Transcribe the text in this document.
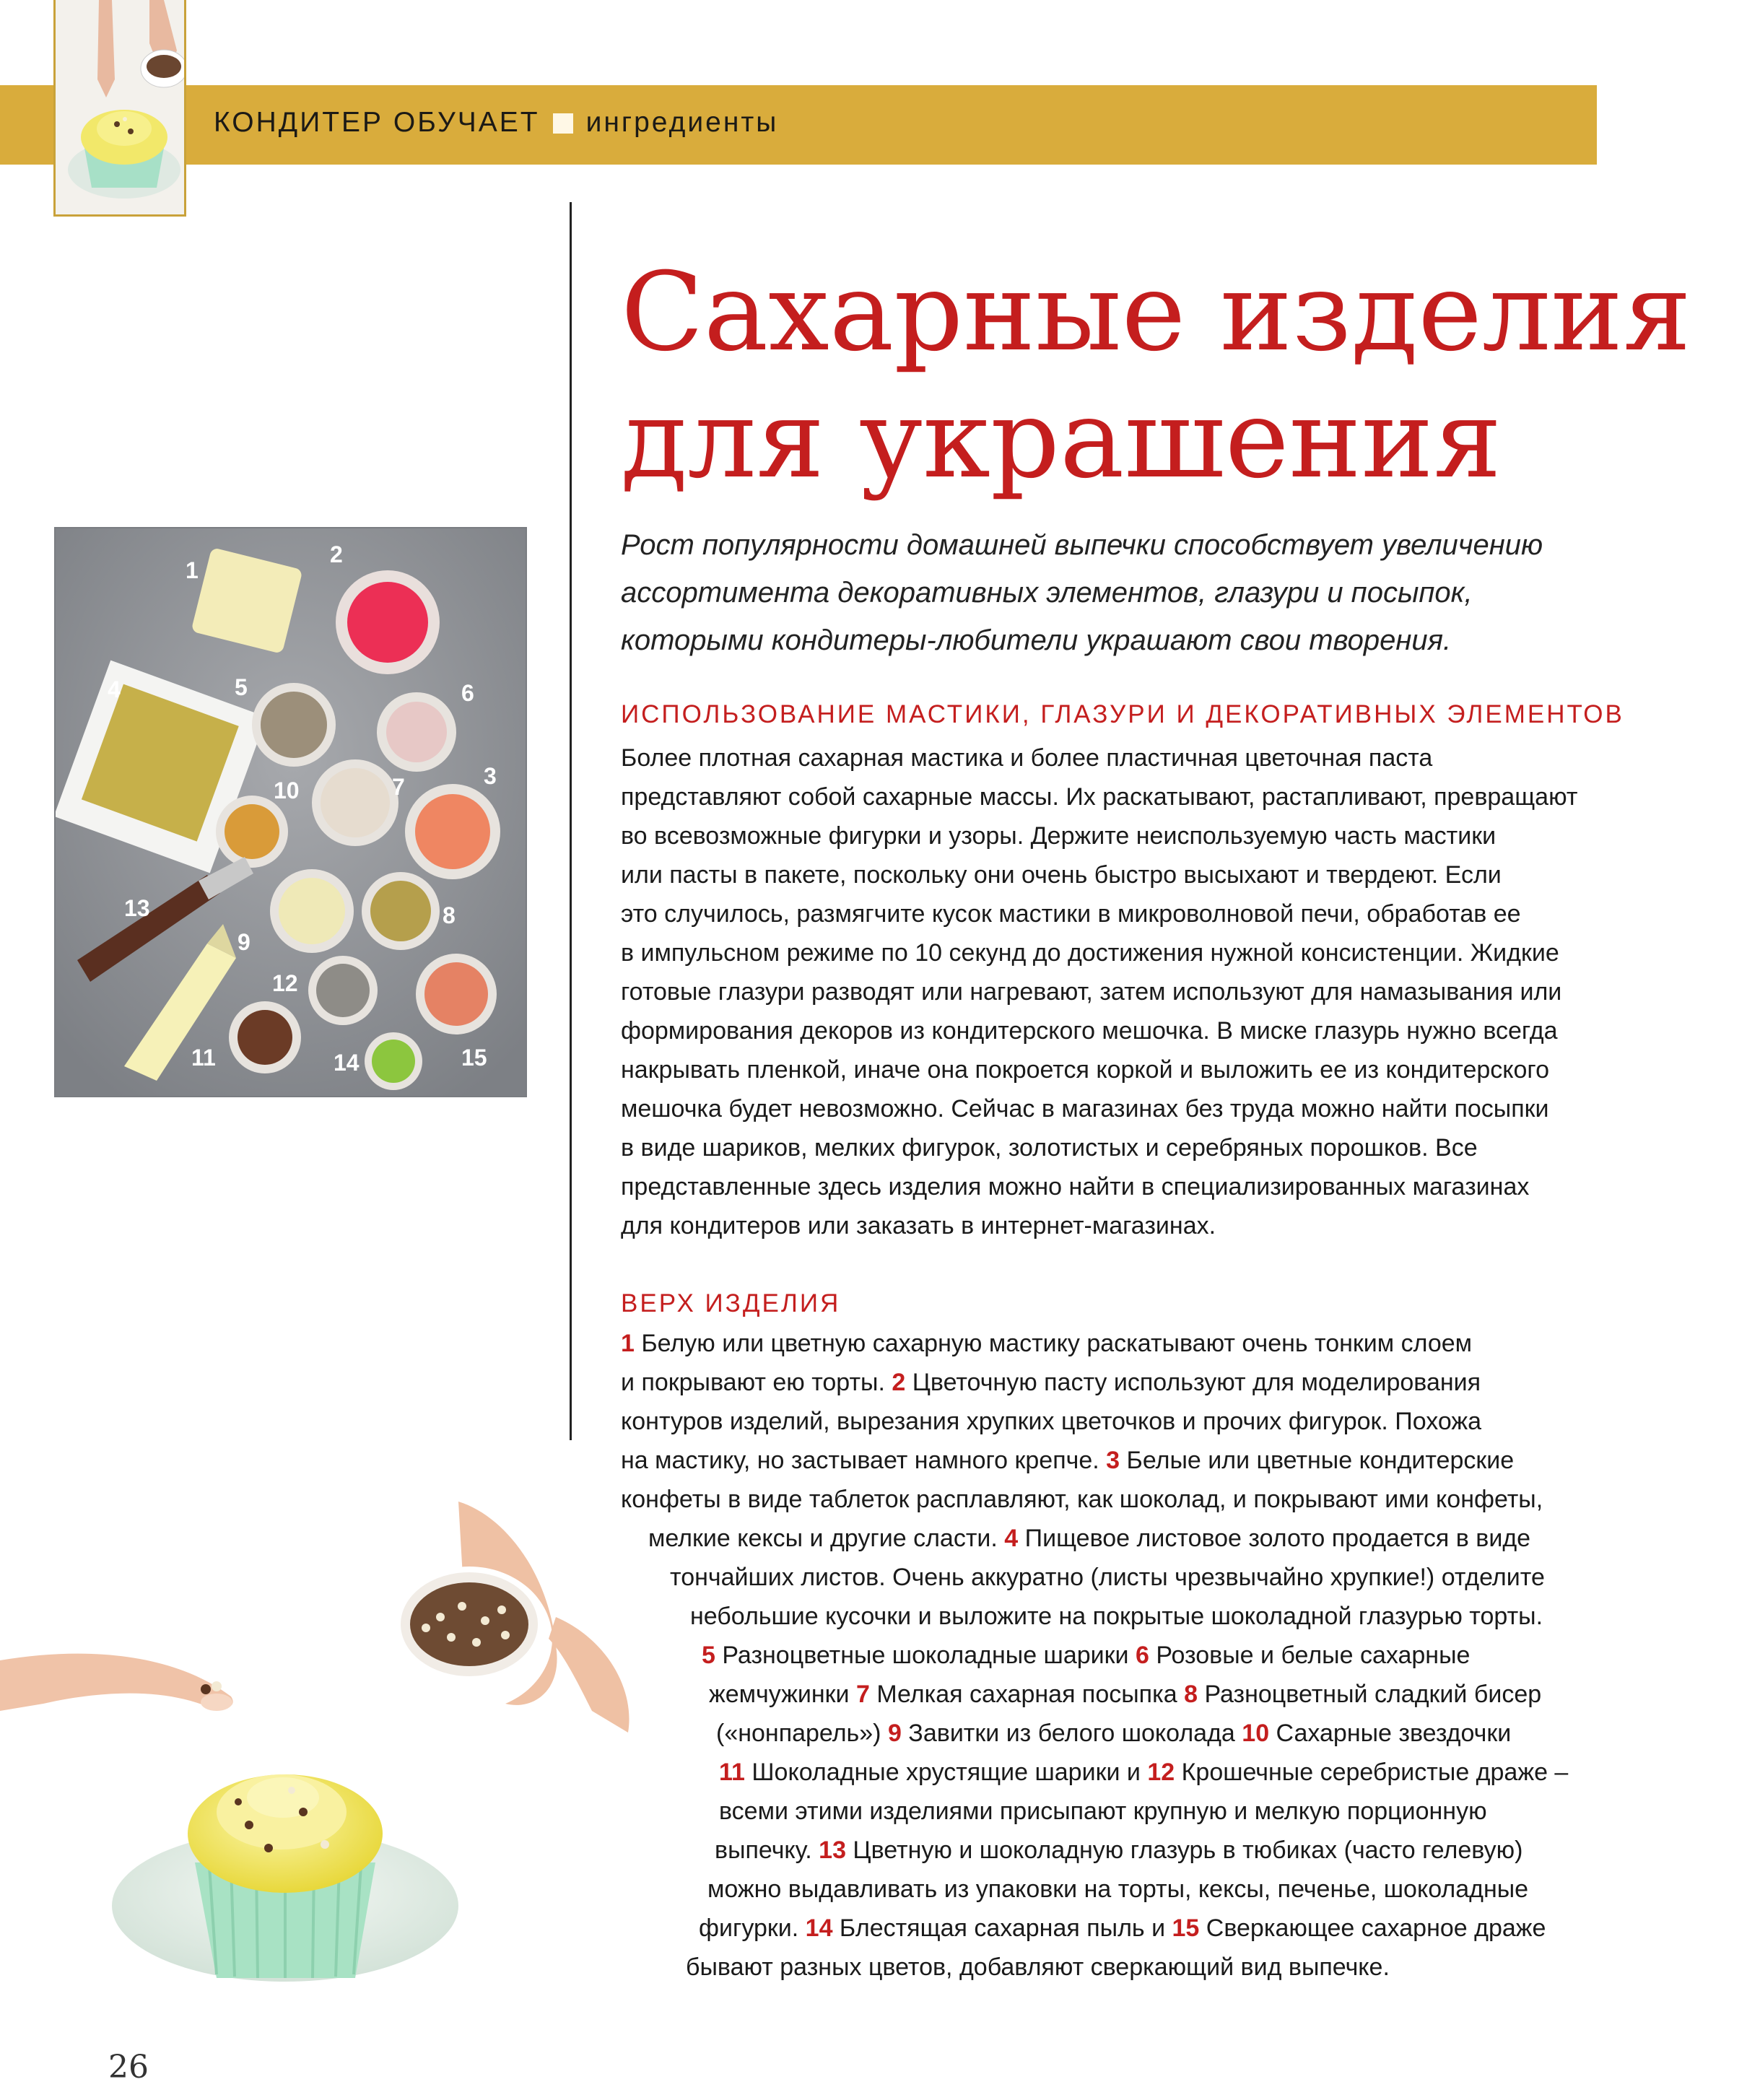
КОНДИТЕР ОБУЧАЕТ ингредиенты
Сахарные изделия
для украшения
Рост популярности домашней выпечки способствует увеличению
ассортимента декоративных элементов, глазури и посыпок,
которыми кондитеры-любители украшают свои творения.
ИСПОЛЬЗОВАНИЕ МАСТИКИ, ГЛАЗУРИ И ДЕКОРАТИВНЫХ ЭЛЕМЕНТОВ
Более плотная сахарная мастика и более пластичная цветочная паста
представляют собой сахарные массы. Их раскатывают, растапливают, превращают
во всевозможные фигурки и узоры. Держите неиспользуемую часть мастики
или пасты в пакете, поскольку они очень быстро высыхают и твердеют. Если
это случилось, размягчите кусок мастики в микроволновой печи, обработав ее
в импульсном режиме по 10 секунд до достижения нужной консистенции. Жидкие
готовые глазури разводят или нагревают, затем используют для намазывания или
формирования декоров из кондитерского мешочка. В миске глазурь нужно всегда
накрывать пленкой, иначе она покроется коркой и выложить ее из кондитерского
мешочка будет невозможно. Сейчас в магазинах без труда можно найти посыпки
в виде шариков, мелких фигурок, золотистых и серебряных порошков. Все
представленные здесь изделия можно найти в специализированных магазинах
для кондитеров или заказать в интернет-магазинах.
ВЕРХ ИЗДЕЛИЯ
1 Белую или цветную сахарную мастику раскатывают очень тонким слоем
и покрывают ею торты. 2 Цветочную пасту используют для моделирования
контуров изделий, вырезания хрупких цветочков и прочих фигурок. Похожа
на мастику, но застывает намного крепче. 3 Белые или цветные кондитерские
конфеты в виде таблеток расплавляют, как шоколад, и покрывают ими конфеты,
мелкие кексы и другие сласти. 4 Пищевое листовое золото продается в виде
тончайших листов. Очень аккуратно (листы чрезвычайно хрупкие!) отделите
небольшие кусочки и выложите на покрытые шоколадной глазурью торты.
5 Разноцветные шоколадные шарики 6 Розовые и белые сахарные
жемчужинки 7 Мелкая сахарная посыпка 8 Разноцветный сладкий бисер
(«нонпарель») 9 Завитки из белого шоколада 10 Сахарные звездочки
11 Шоколадные хрустящие шарики и 12 Крошечные серебристые драже –
всеми этими изделиями присыпают крупную и мелкую порционную
выпечку. 13 Цветную и шоколадную глазурь в тюбиках (часто гелевую)
можно выдавливать из упаковки на торты, кексы, печенье, шоколадные
фигурки. 14 Блестящая сахарная пыль и 15 Сверкающее сахарное драже
бывают разных цветов, добавляют сверкающий вид выпечке.
1
2
3
4	5	6
7
8
9
10
11
12
13
14	15
26
